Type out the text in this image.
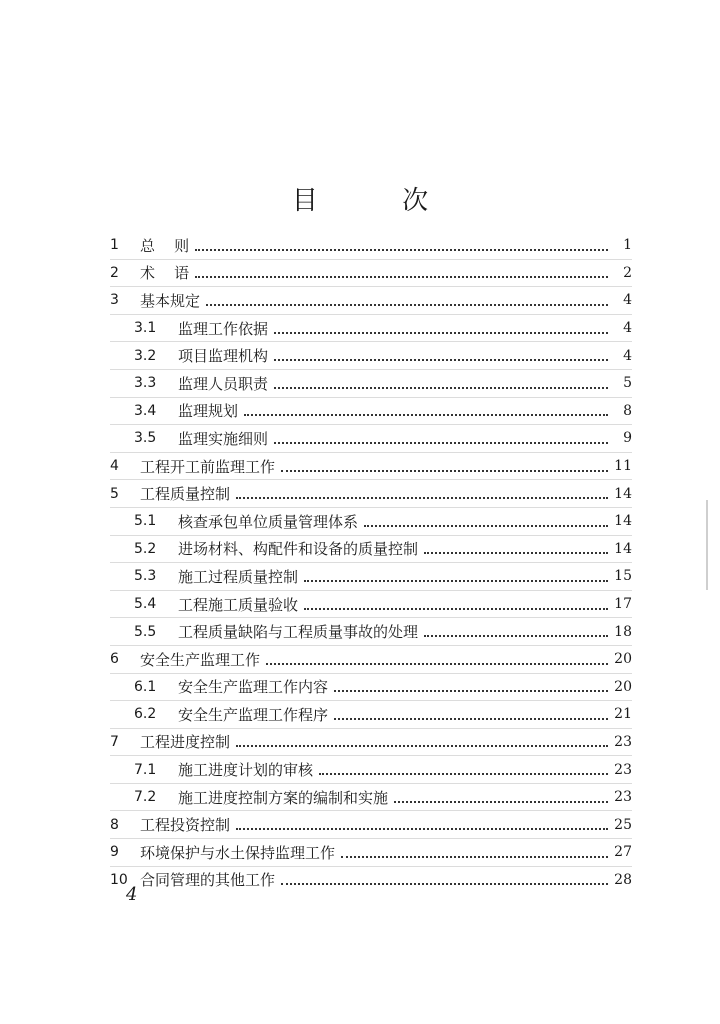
目 次
1	总    则	1
2	术    语	2
3	基本规定	4
3.1	监理工作依据	4
3.2	项目监理机构	4
3.3	监理人员职责	5
3.4	监理规划	8
3.5	监理实施细则	9
4	工程开工前监理工作	11
5	工程质量控制	14
5.1	核查承包单位质量管理体系	14
5.2	进场材料、构配件和设备的质量控制	14
5.3	施工过程质量控制	15
5.4	工程施工质量验收	17
5.5	工程质量缺陷与工程质量事故的处理	18
6	安全生产监理工作	20
6.1	安全生产监理工作内容	20
6.2	安全生产监理工作程序	21
7	工程进度控制	23
7.1	施工进度计划的审核	23
7.2	施工进度控制方案的编制和实施	23
8	工程投资控制	25
9	环境保护与水土保持监理工作	27
10 合同管理的其他工作	28
4
